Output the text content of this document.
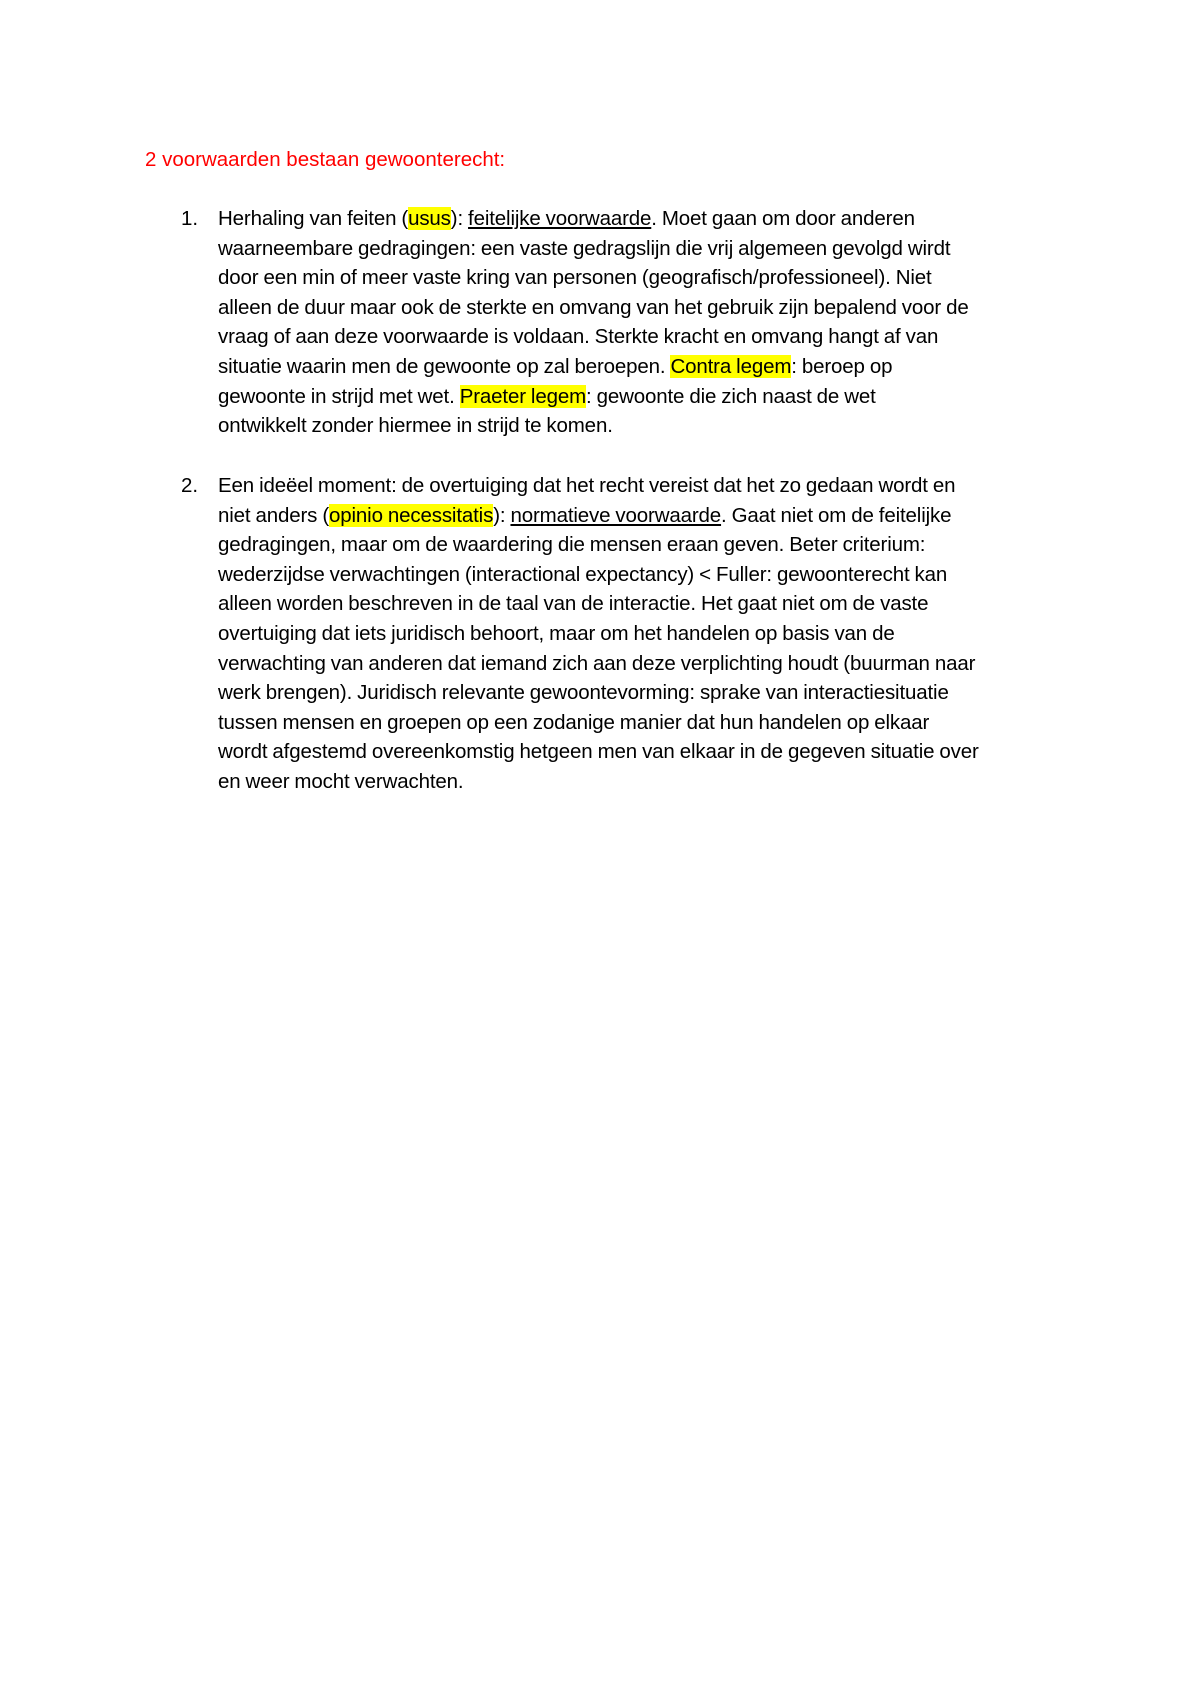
2 voorwaarden bestaan gewoonterecht:
1. Herhaling van feiten (usus): feitelijke voorwaarde. Moet gaan om door anderen
waarneembare gedragingen: een vaste gedragslijn die vrij algemeen gevolgd wirdt
door een min of meer vaste kring van personen (geografisch/professioneel). Niet
alleen de duur maar ook de sterkte en omvang van het gebruik zijn bepalend voor de
vraag of aan deze voorwaarde is voldaan. Sterkte kracht en omvang hangt af van
situatie waarin men de gewoonte op zal beroepen. Contra legem: beroep op
gewoonte in strijd met wet. Praeter legem: gewoonte die zich naast de wet
ontwikkelt zonder hiermee in strijd te komen.
2. Een ideëel moment: de overtuiging dat het recht vereist dat het zo gedaan wordt en
niet anders (opinio necessitatis): normatieve voorwaarde. Gaat niet om de feitelijke
gedragingen, maar om de waardering die mensen eraan geven. Beter criterium:
wederzijdse verwachtingen (interactional expectancy) < Fuller: gewoonterecht kan
alleen worden beschreven in de taal van de interactie. Het gaat niet om de vaste
overtuiging dat iets juridisch behoort, maar om het handelen op basis van de
verwachting van anderen dat iemand zich aan deze verplichting houdt (buurman naar
werk brengen). Juridisch relevante gewoontevorming: sprake van interactiesituatie
tussen mensen en groepen op een zodanige manier dat hun handelen op elkaar
wordt afgestemd overeenkomstig hetgeen men van elkaar in de gegeven situatie over
en weer mocht verwachten.
